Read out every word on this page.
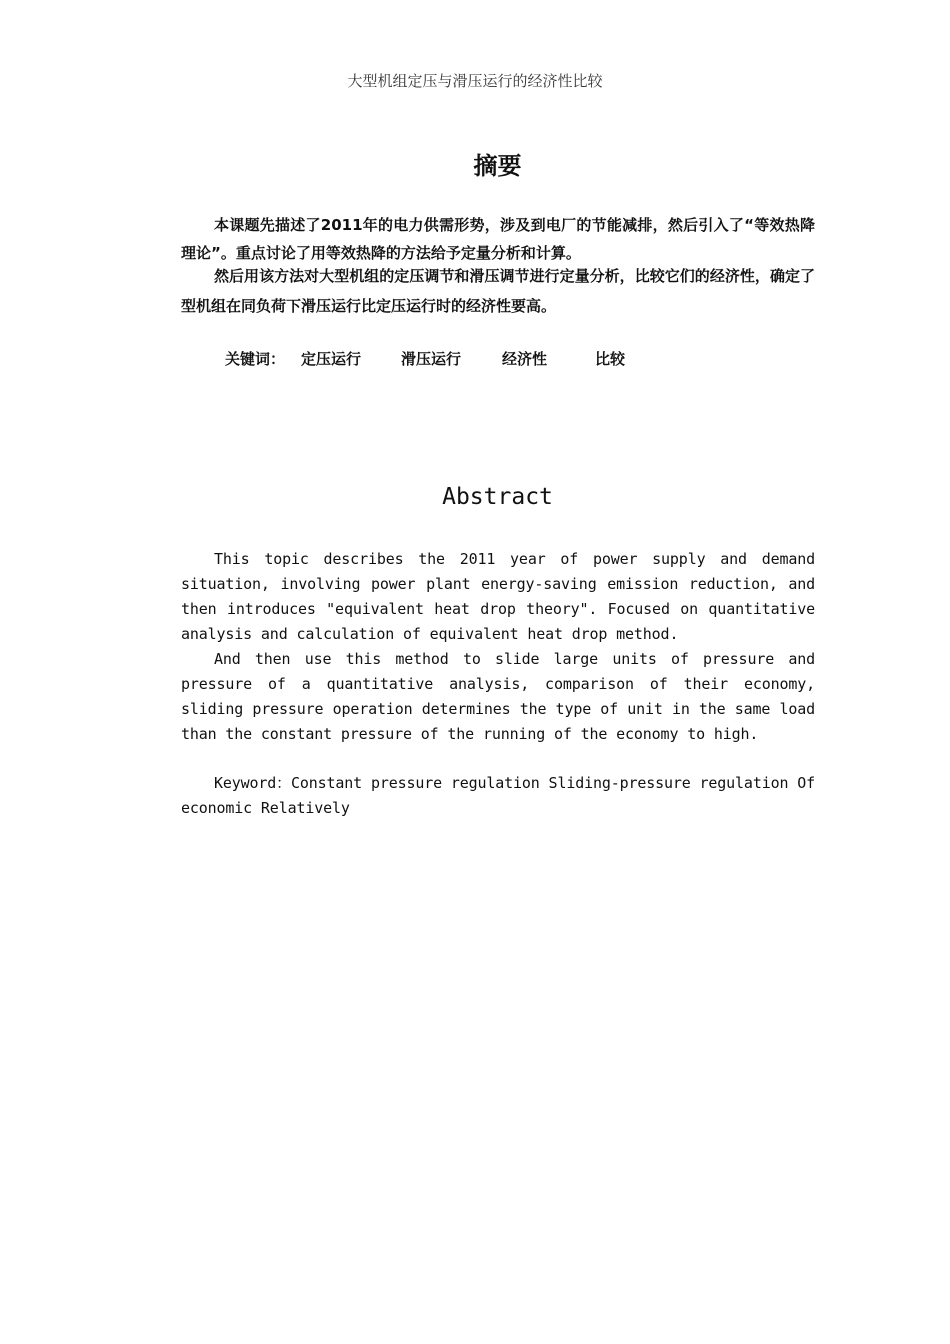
大型机组定压与滑压运行的经济性比较
摘要

本课题先描述了2011年的电力供需形势，涉及到电厂的节能减排，然后引入了“等效热降理论”。重点讨论了用等效热降的方法给予定量分析和计算。

然后用该方法对大型机组的定压调节和滑压调节进行定量分析，比较它们的经济性，确定了型机组在同负荷下滑压运行比定压运行时的经济性要高。

关键词： 定压运行	滑压运行	经济性	比较
Abstract

This topic describes the 2011 year of power supply and demand situation, involving power plant energy-saving emission reduction, and then introduces "equivalent heat drop theory". Focused on quantitative analysis and calculation of equivalent heat drop method.

And then use this method to slide large units of pressure and pressure of a quantitative analysis, comparison of their economy, sliding pressure operation determines the type of unit in the same load than the constant pressure of the running of the economy to high.

Keyword：Constant pressure regulation Sliding-pressure regulation Of economic Relatively
